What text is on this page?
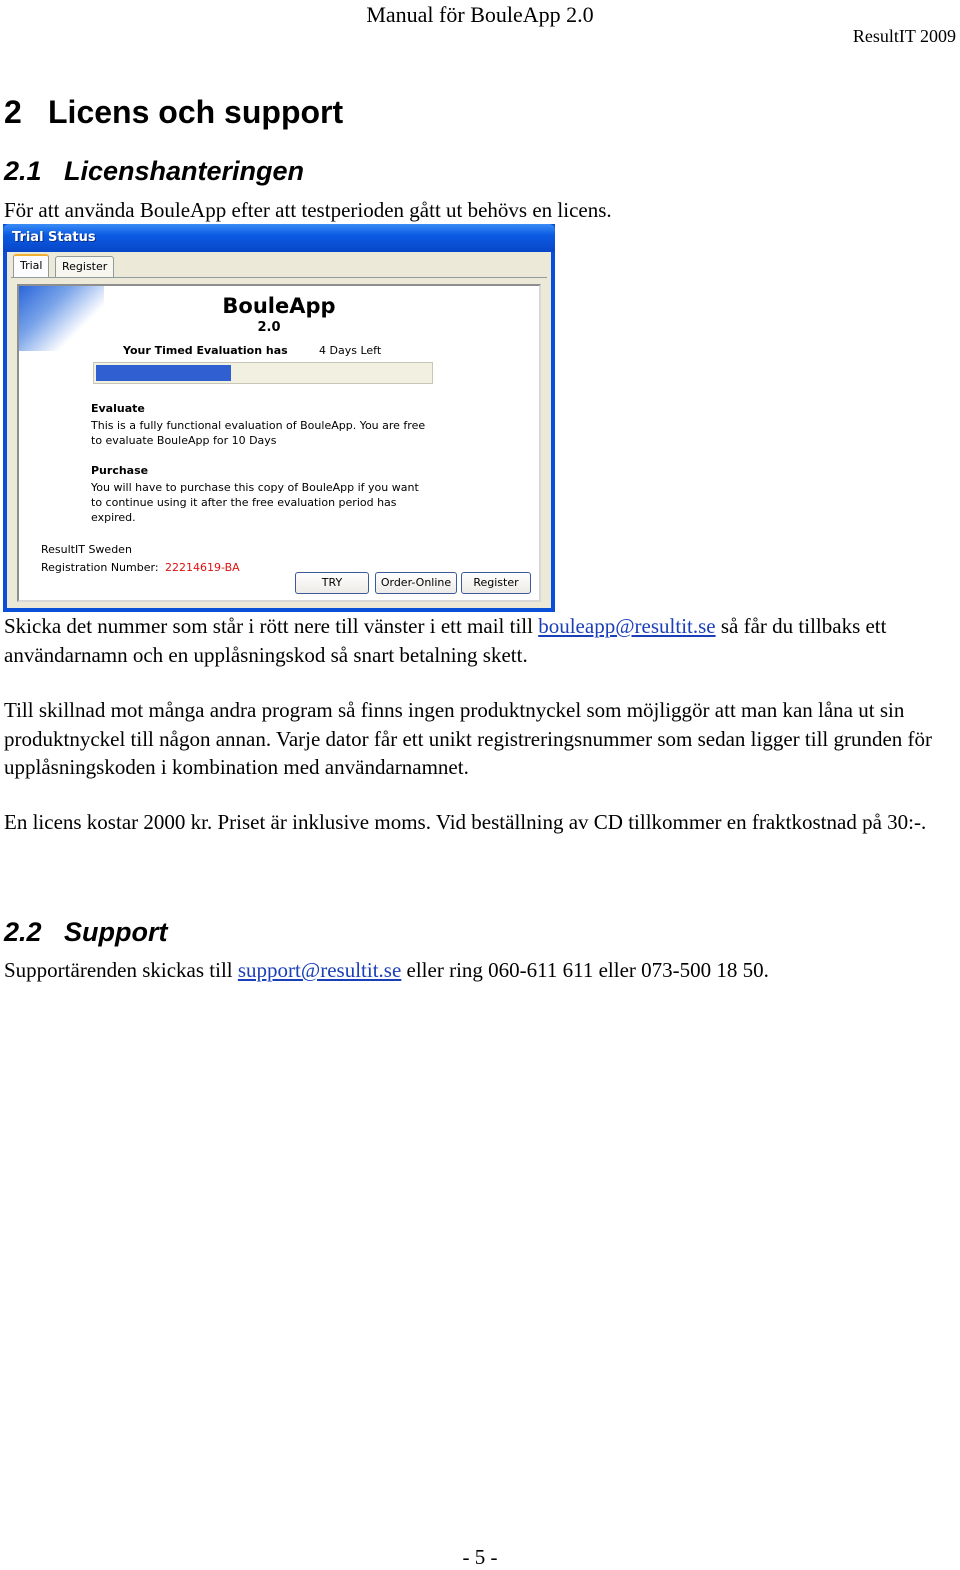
Manual för BouleApp 2.0
ResultIT 2009
2 Licens och support
2.1 Licenshanteringen

För att använda BouleApp efter att testperioden gått ut behövs en licens.

Trial Status
Trial	Register
BouleApp
2.0
Your Timed Evaluation has	4 Days Left
Evaluate
This is a fully functional evaluation of BouleApp. You are free to evaluate BouleApp for 10 Days
Purchase
You will have to purchase this copy of BouleApp if you want to continue using it after the free evaluation period has expired.
ResultIT Sweden
Registration Number: 22214619-BA
TRY	Order-Online	Register

Skicka det nummer som står i rött nere till vänster i ett mail till bouleapp@resultit.se så får du tillbaks ett användarnamn och en upplåsningskod så snart betalning skett.

Till skillnad mot många andra program så finns ingen produktnyckel som möjliggör att man kan låna ut sin produktnyckel till någon annan. Varje dator får ett unikt registreringsnummer som sedan ligger till grunden för upplåsningskoden i kombination med användarnamnet.

En licens kostar 2000 kr. Priset är inklusive moms. Vid beställning av CD tillkommer en fraktkostnad på 30:-.

2.2 Support

Supportärenden skickas till support@resultit.se eller ring 060-611 611 eller 073-500 18 50.

- 5 -
